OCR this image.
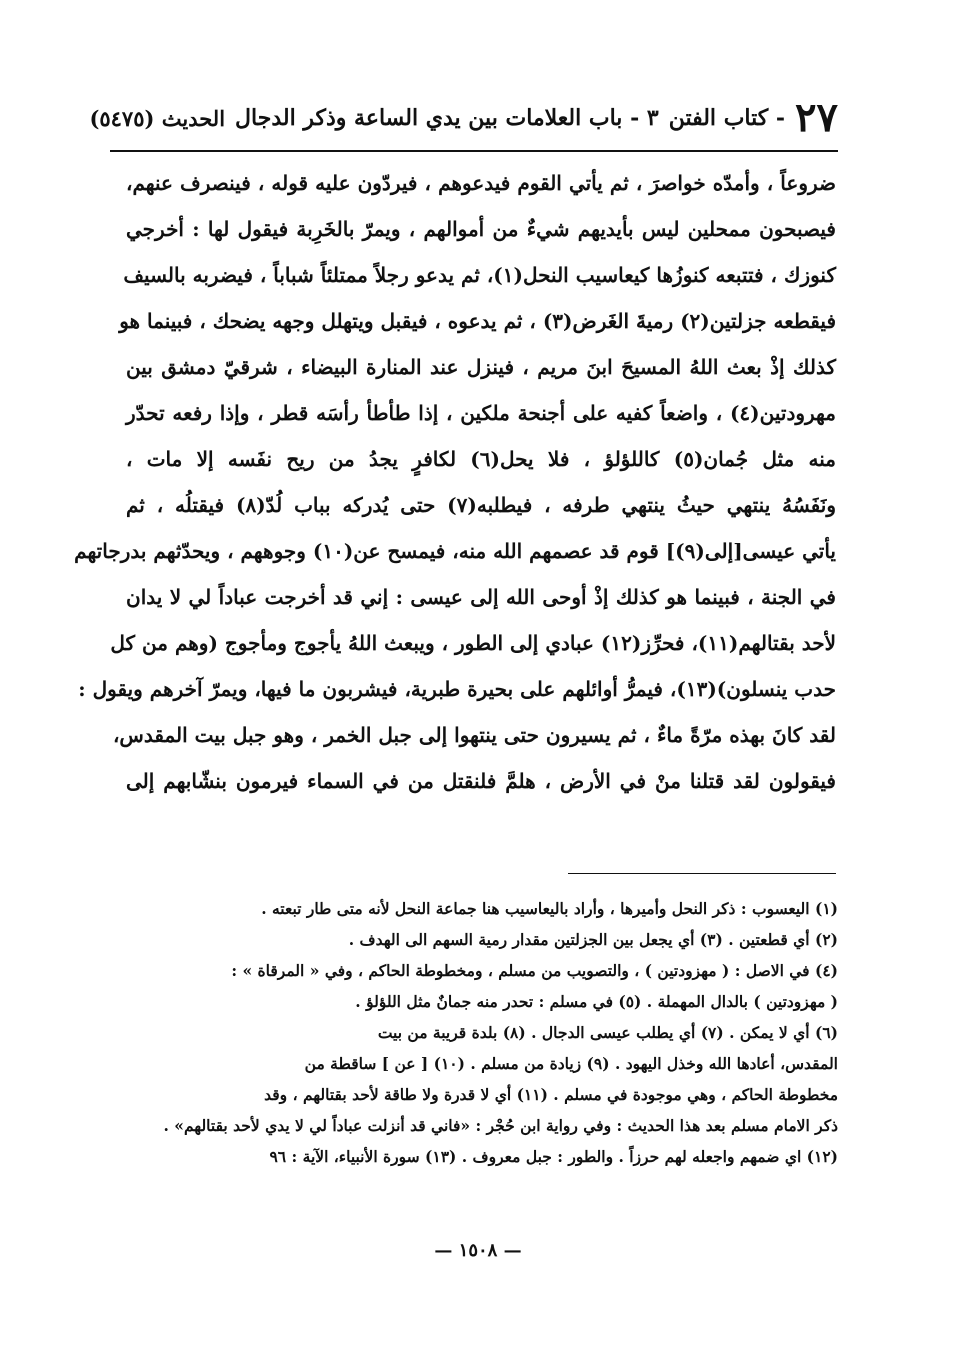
٢٧
- كتاب الفتن
٣ - باب العلامات بين يدي الساعة وذكر الدجال
الحديث (٥٤٧٥)
ضروعاً ، وأمدّه خواصرَ ، ثم يأتي القوم فيدعوهم ، فيردّون عليه قوله ، فينصرف عنهم،
فيصبحون ممحلين ليس بأيديهم شيءٌ من أموالهم ، ويمرّ بالخَرِبة فيقول لها : أخرجي
كنوزك ، فتتبعه كنوزُها كيعاسيب النحل(١)، ثم يدعو رجلاً ممتلئاً شباباً ، فيضربه بالسيف
فيقطعه جزلتين(٢) رميةَ الغَرض(٣) ، ثم يدعوه ، فيقبل ويتهلل وجهه يضحك ، فبينما هو
كذلك إذْ بعث اللهُ المسيحَ ابنَ مريم ، فينزل عند المنارة البيضاء ، شرقيّ دمشق بين
مهرودتين(٤) ، واضعاً كفيه على أجنحة ملكين ، إذا طأطأ رأسَه قطر ، وإذا رفعه تحدّر
منه مثل جُمان(٥) كاللؤلؤ ، فلا يحل(٦) لكافرٍ يجدُ من ريح نفَسه إلا مات ،
ونَفَسُهُ ينتهي حيثُ ينتهي طرفه ، فيطلبه(٧) حتى يُدركه بباب لُدّ(٨) فيقتلُه ، ثم
يأتي عيسى[إلى(٩)] قوم قد عصمهم الله منه، فيمسح عن(١٠) وجوههم ، ويحدّثهم بدرجاتهم
في الجنة ، فبينما هو كذلك إذْ أوحى الله إلى عيسى : إني قد أخرجت عباداً لي لا يدان
لأحد بقتالهم(١١)، فحرِّز(١٢) عبادي إلى الطور ، ويبعث اللهُ يأجوج ومأجوج (وهم من كل
حدب ينسلون)(١٣)، فيمرُّ أوائلهم على بحيرة طبرية، فيشربون ما فيها، ويمرّ آخرهم ويقول :
لقد كانَ بهذه مرّةً ماءٌ ، ثم يسيرون حتى ينتهوا إلى جبل الخمر ، وهو جبل بيت المقدس،
فيقولون لقد قتلنا منْ في الأرض ، هلمَّ فلنقتل من في السماء فيرمون بنشّابهم إلى
(١) اليعسوب : ذكر النحل وأميرها ، وأراد باليعاسيب هنا جماعة النحل لأنه متى طار تبعته .
(٢) أي قطعتين . (٣) أي يجعل بين الجزلتين مقدار رمية السهم الى الهدف .
(٤) في الاصل : ( مهزودتين ) ، والتصويب من مسلم ، ومخطوطة الحاكم ، وفي « المرقاة » :
( مهزودتين ) بالدال المهملة . (٥) في مسلم : تحدر منه جمانٌ مثل اللؤلؤ .
(٦) أي لا يمكن . (٧) أي يطلب عيسى الدجال . (٨) بلدة قريبة من بيت
المقدس، أعادها الله وخذل اليهود . (٩) زيادة من مسلم . (١٠) [ عن ] ساقطة من
مخطوطة الحاكم ، وهي موجودة في مسلم . (١١) أي لا قدرة ولا طاقة لأحد بقتالهم ، وقد
ذكر الامام مسلم بعد هذا الحديث : وفي رواية ابن حُجْر : «فاني قد أنزلت عباداً لي لا يدي لأحد بقتالهم» .
(١٢) اي ضمهم واجعله لهم حرزاً . والطور : جبل معروف . (١٣) سورة الأنبياء، الآية : ٩٦
— ١٥٠٨ —
